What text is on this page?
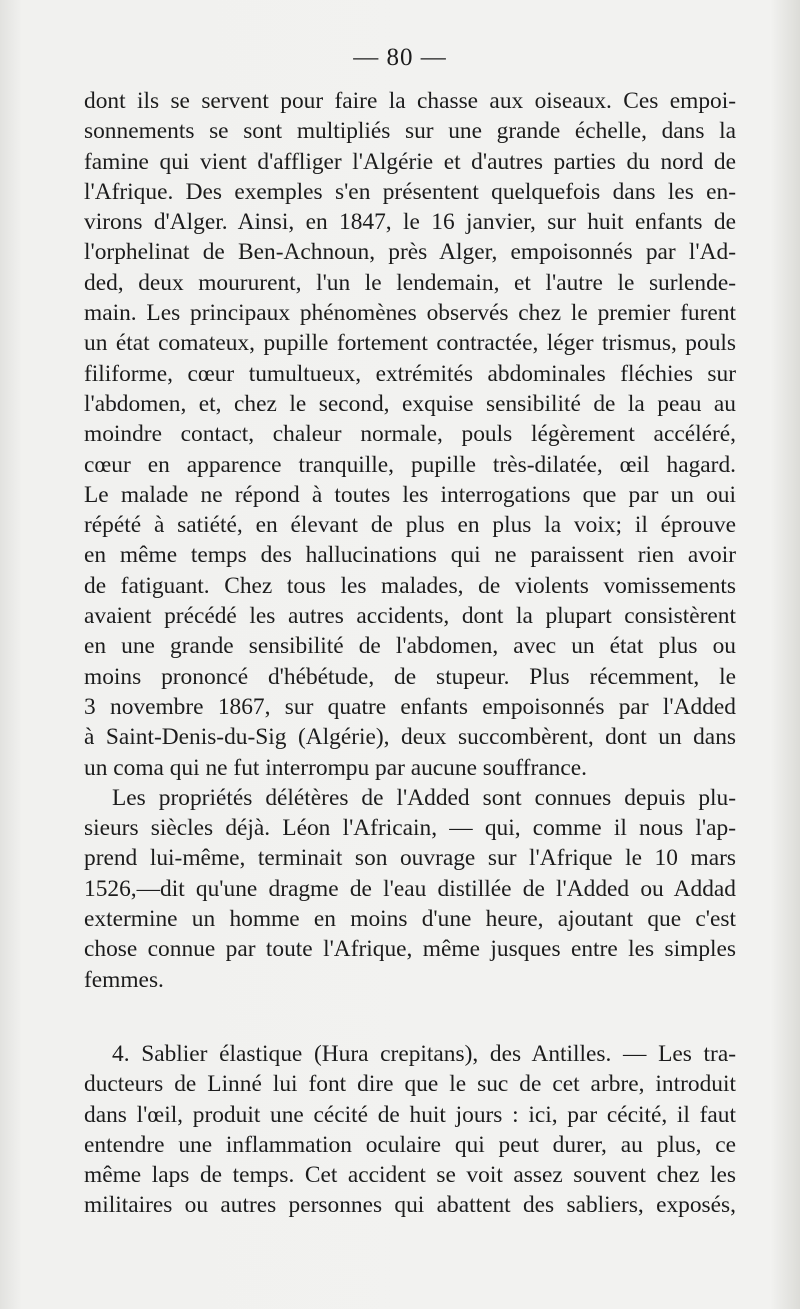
— 80 —
dont ils se servent pour faire la chasse aux oiseaux. Ces empoi-
sonnements se sont multipliés sur une grande échelle, dans la
famine qui vient d'affliger l'Algérie et d'autres parties du nord de
l'Afrique. Des exemples s'en présentent quelquefois dans les en-
virons d'Alger. Ainsi, en 1847, le 16 janvier, sur huit enfants de
l'orphelinat de Ben-Achnoun, près Alger, empoisonnés par l'Ad-
ded, deux moururent, l'un le lendemain, et l'autre le surlende-
main. Les principaux phénomènes observés chez le premier furent
un état comateux, pupille fortement contractée, léger trismus, pouls
filiforme, cœur tumultueux, extrémités abdominales fléchies sur
l'abdomen, et, chez le second, exquise sensibilité de la peau au
moindre contact, chaleur normale, pouls légèrement accéléré,
cœur en apparence tranquille, pupille très-dilatée, œil hagard.
Le malade ne répond à toutes les interrogations que par un oui
répété à satiété, en élevant de plus en plus la voix; il éprouve
en même temps des hallucinations qui ne paraissent rien avoir
de fatiguant. Chez tous les malades, de violents vomissements
avaient précédé les autres accidents, dont la plupart consistèrent
en une grande sensibilité de l'abdomen, avec un état plus ou
moins prononcé d'hébétude, de stupeur. Plus récemment, le
3 novembre 1867, sur quatre enfants empoisonnés par l'Added
à Saint-Denis-du-Sig (Algérie), deux succombèrent, dont un dans
un coma qui ne fut interrompu par aucune souffrance.
Les propriétés délétères de l'Added sont connues depuis plu-
sieurs siècles déjà. Léon l'Africain, — qui, comme il nous l'ap-
prend lui-même, terminait son ouvrage sur l'Afrique le 10 mars
1526,—dit qu'une dragme de l'eau distillée de l'Added ou Addad
extermine un homme en moins d'une heure, ajoutant que c'est
chose connue par toute l'Afrique, même jusques entre les simples
femmes.
4. Sablier élastique (Hura crepitans), des Antilles. — Les tra-
ducteurs de Linné lui font dire que le suc de cet arbre, introduit
dans l'œil, produit une cécité de huit jours : ici, par cécité, il faut
entendre une inflammation oculaire qui peut durer, au plus, ce
même laps de temps. Cet accident se voit assez souvent chez les
militaires ou autres personnes qui abattent des sabliers, exposés,
